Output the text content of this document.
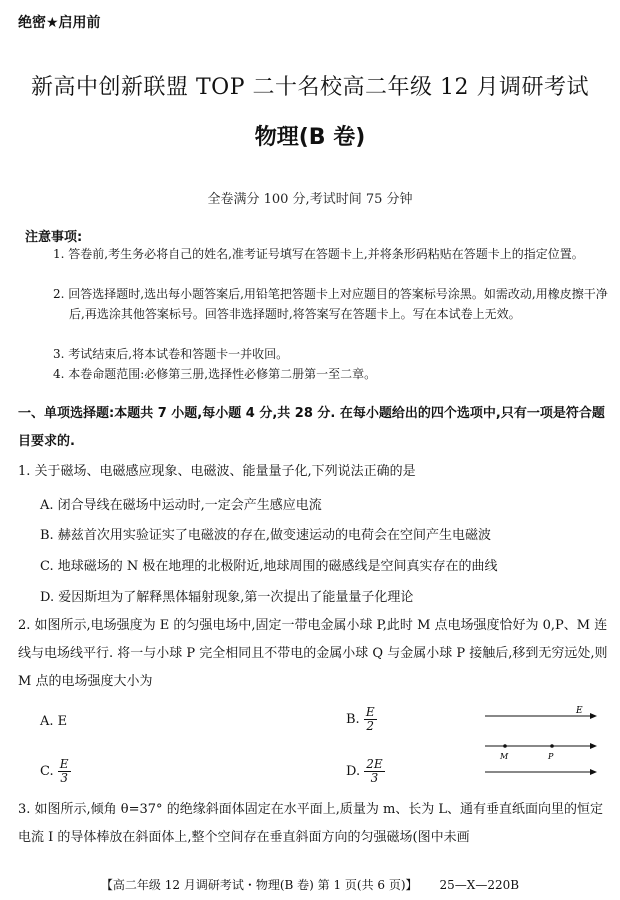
绝密★启用前
新高中创新联盟 TOP 二十名校高二年级 12 月调研考试
物理(B 卷)
全卷满分 100 分,考试时间 75 分钟
注意事项:
1. 答卷前,考生务必将自己的姓名,准考证号填写在答题卡上,并将条形码粘贴在答题卡上的指定位置。
2. 回答选择题时,选出每小题答案后,用铅笔把答题卡上对应题目的答案标号涂黑。如需改动,用橡皮擦干净后,再选涂其他答案标号。回答非选择题时,将答案写在答题卡上。写在本试卷上无效。
3. 考试结束后,将本试卷和答题卡一并收回。
4. 本卷命题范围:必修第三册,选择性必修第二册第一至二章。
一、单项选择题:本题共 7 小题,每小题 4 分,共 28 分. 在每小题给出的四个选项中,只有一项是符合题目要求的.
1. 关于磁场、电磁感应现象、电磁波、能量量子化,下列说法正确的是
A. 闭合导线在磁场中运动时,一定会产生感应电流
B. 赫兹首次用实验证实了电磁波的存在,做变速运动的电荷会在空间产生电磁波
C. 地球磁场的 N 极在地理的北极附近,地球周围的磁感线是空间真实存在的曲线
D. 爱因斯坦为了解释黑体辐射现象,第一次提出了能量量子化理论
2. 如图所示,电场强度为 E 的匀强电场中,固定一带电金属小球 P,此时 M 点电场强度恰好为 0,P、M 连线与电场线平行. 将一与小球 P 完全相同且不带电的金属小球 Q 与金属小球 P 接触后,移到无穷远处,则 M 点的电场强度大小为
A. E	B. $\frac{E}{2}$
C. $\frac{E}{3}$	D. $\frac{2E}{3}$
E
M	P
3. 如图所示,倾角 θ=37° 的绝缘斜面体固定在水平面上,质量为 m、长为 L、通有垂直纸面向里的恒定电流 I 的导体棒放在斜面体上,整个空间存在垂直斜面方向的匀强磁场(图中未画
【高二年级 12 月调研考试・物理(B 卷) 第 1 页(共 6 页)】 25—X—220B
